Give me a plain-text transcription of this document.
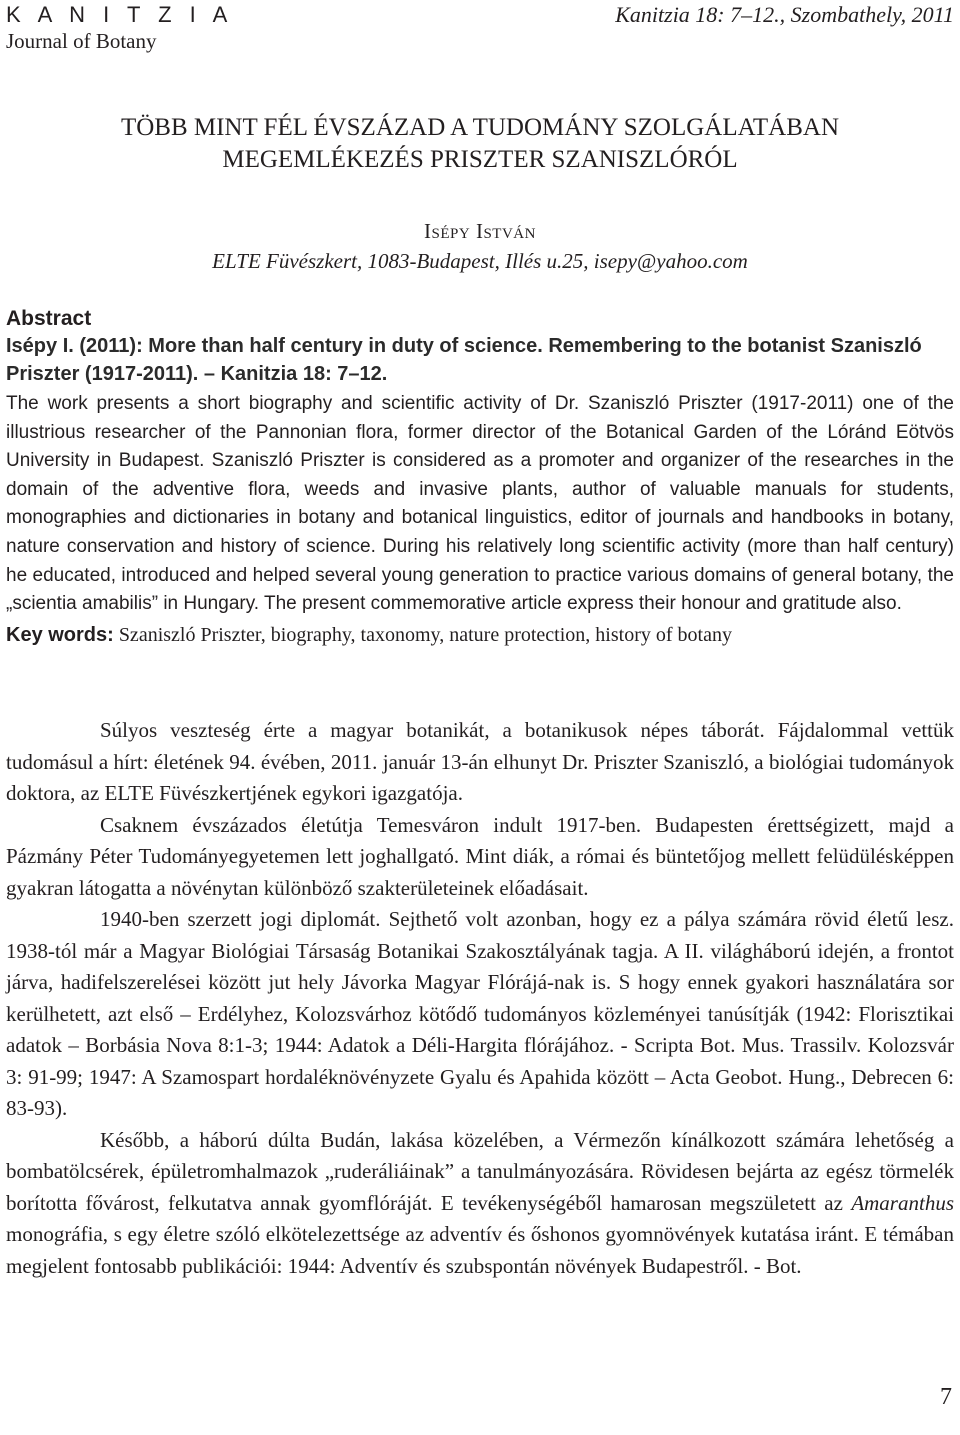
K A N I T Z I A
Journal of Botany
Kanitzia 18: 7–12., Szombathely, 2011
TÖBB MINT FÉL ÉVSZÁZAD A TUDOMÁNY SZOLGÁLATÁBAN
MEGEMLÉKEZÉS PRISZTER SZANISZLÓRÓL
Isépy István
ELTE Füvészkert, 1083-Budapest, Illés u.25, isepy@yahoo.com
Abstract
Isépy I. (2011): More than half century in duty of science. Remembering to the botanist Szaniszló Priszter (1917-2011). – Kanitzia 18: 7–12.

The work presents a short biography and scientific activity of Dr. Szaniszló Priszter (1917-2011) one of the illustrious researcher of the Pannonian flora, former director of the Botanical Garden of the Lóránd Eötvös University in Budapest. Szaniszló Priszter is considered as a promoter and organizer of the researches in the domain of the adventive flora, weeds and invasive plants, author of valuable manuals for students, monographies and dictionaries in botany and botanical linguistics, editor of journals and handbooks in botany, nature conservation and history of science. During his relatively long scientific activity (more than half century) he educated, introduced and helped several young generation to practice various domains of general botany, the „scientia amabilis” in Hungary. The present commemorative article express their honour and gratitude also.

Key words: Szaniszló Priszter, biography, taxonomy, nature protection, history of botany

Súlyos veszteség érte a magyar botanikát, a botanikusok népes táborát. Fájdalommal vettük tudomásul a hírt: életének 94. évében, 2011. január 13-án elhunyt Dr. Priszter Szaniszló, a biológiai tudományok doktora, az ELTE Füvészkertjének egykori igazgatója.

Csaknem évszázados életútja Temesváron indult 1917-ben. Budapesten érettségizett, majd a Pázmány Péter Tudományegyetemen lett joghallgató. Mint diák, a római és büntetőjog mellett felüdülésképpen gyakran látogatta a növénytan különböző szakterületeinek előadásait.

1940-ben szerzett jogi diplomát. Sejthető volt azonban, hogy ez a pálya számára rövid életű lesz. 1938-tól már a Magyar Biológiai Társaság Botanikai Szakosztályának tagja. A II. világháború idején, a frontot járva, hadifelszerelései között jut hely Jávorka Magyar Flórájá-nak is. S hogy ennek gyakori használatára sor kerülhetett, azt első – Erdélyhez, Kolozsvárhoz kötődő tudományos közleményei tanúsítják (1942: Florisztikai adatok – Borbásia Nova 8:1-3; 1944: Adatok a Déli-Hargita flórájához. - Scripta Bot. Mus. Trassilv. Kolozsvár 3: 91-99; 1947: A Szamospart hordaléknövényzete Gyalu és Apahida között – Acta Geobot. Hung., Debrecen 6: 83-93).

Később, a háború dúlta Budán, lakása közelében, a Vérmezőn kínálkozott számára lehetőség a bombatölcsérek, épületromhalmazok „ruderáliáinak” a tanulmányozására. Rövidesen bejárta az egész törmelék borította fővárost, felkutatva annak gyomflóráját. E tevékenységéből hamarosan megszületett az Amaranthus monográfia, s egy életre szóló elkötelezettsége az adventív és őshonos gyomnövények kutatása iránt. E témában megjelent fontosabb publikációi: 1944: Adventív és szubspontán növények Budapestről. - Bot.

7
